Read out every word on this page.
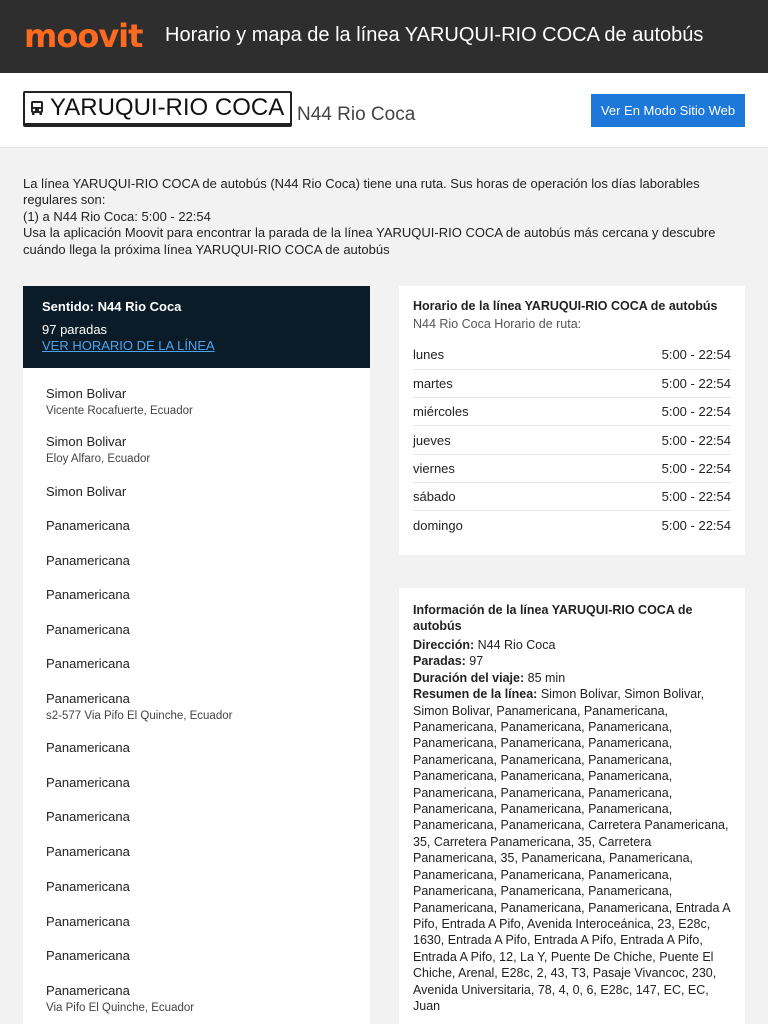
moovit Horario y mapa de la línea YARUQUI-RIO COCA de autobús
YARUQUI-RIO COCA N44 Rio Coca	Ver En Modo Sitio Web

La línea YARUQUI-RIO COCA de autobús (N44 Rio Coca) tiene una ruta. Sus horas de operación los días laborables regulares son:

(1) a N44 Rio Coca: 5:00 - 22:54

Usa la aplicación Moovit para encontrar la parada de la línea YARUQUI-RIO COCA de autobús más cercana y descubre cuándo llega la próxima línea YARUQUI-RIO COCA de autobús

Sentido: N44 Rio Coca
97 paradas
VER HORARIO DE LA LÍNEA
Simon Bolivar
Vicente Rocafuerte, Ecuador
Simon Bolivar
Eloy Alfaro, Ecuador
Simon Bolivar
Panamericana
Panamericana
Panamericana
Panamericana
Panamericana
Panamericana
s2-577 Via Pifo El Quinche, Ecuador
Panamericana
Panamericana
Panamericana
Panamericana
Panamericana
Panamericana
Panamericana
Panamericana
Via Pifo El Quinche, Ecuador
Horario de la línea YARUQUI-RIO COCA de autobús
N44 Rio Coca Horario de ruta:
lunes	5:00 - 22:54
martes	5:00 - 22:54
miércoles	5:00 - 22:54
jueves	5:00 - 22:54
viernes	5:00 - 22:54
sábado	5:00 - 22:54
domingo	5:00 - 22:54
Información de la línea YARUQUI-RIO COCA de autobús
Dirección: N44 Rio Coca
Paradas: 97
Duración del viaje: 85 min
Resumen de la línea: Simon Bolivar, Simon Bolivar, Simon Bolivar, Panamericana, Panamericana, Panamericana, Panamericana, Panamericana, Panamericana, Panamericana, Panamericana, Panamericana, Panamericana, Panamericana, Panamericana, Panamericana, Panamericana, Panamericana, Panamericana, Panamericana, Panamericana, Panamericana, Panamericana, Panamericana, Panamericana, Carretera Panamericana, 35, Carretera Panamericana, 35, Carretera Panamericana, 35, Panamericana, Panamericana, Panamericana, Panamericana, Panamericana, Panamericana, Panamericana, Panamericana, Panamericana, Panamericana, Panamericana, Entrada A Pifo, Entrada A Pifo, Avenida Interoceánica, 23, E28c, 1630, Entrada A Pifo, Entrada A Pifo, Entrada A Pifo, Entrada A Pifo, 12, La Y, Puente De Chiche, Puente El Chiche, Arenal, E28c, 2, 43, T3, Pasaje Vivancoc, 230, Avenida Universitaria, 78, 4, 0, 6, E28c, 147, EC, EC, Juan
